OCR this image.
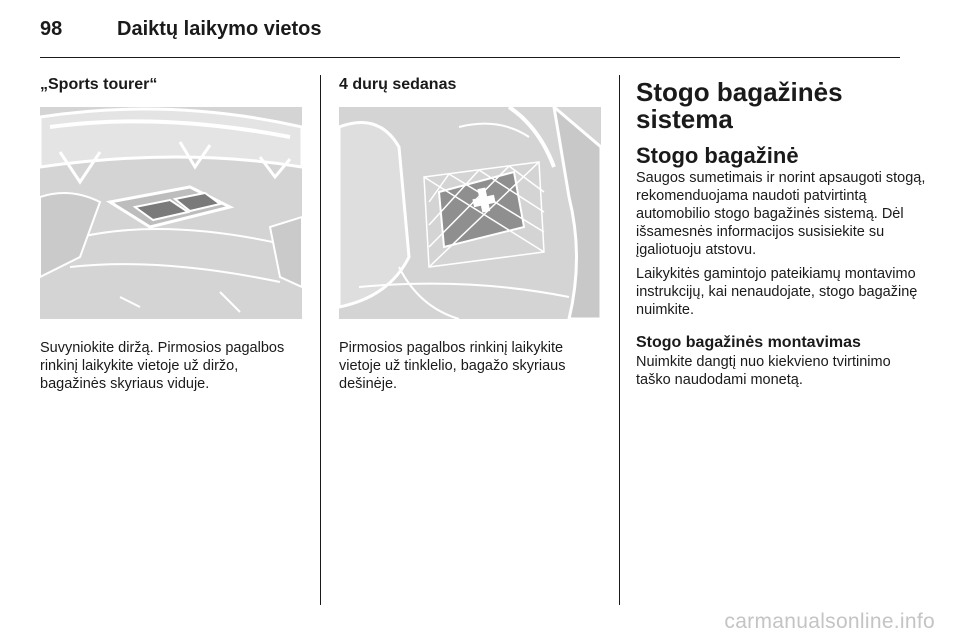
98	Daiktų laikymo vietos
„Sports tourer“

Suvyniokite diržą. Pirmosios pagalbos rinkinį laikykite vietoje už diržo, bagažinės skyriaus viduje.

4 durų sedanas

Pirmosios pagalbos rinkinį laikykite vietoje už tinklelio, bagažo skyriaus dešinėje.

Stogo bagažinės sistema
Stogo bagažinė

Saugos sumetimais ir norint apsaugoti stogą, rekomenduojama naudoti patvirtintą automobilio stogo bagažinės sistemą. Dėl išsamesnės informacijos susisiekite su įgaliotuoju atstovu.

Laikykitės gamintojo pateikiamų montavimo instrukcijų, kai nenaudojate, stogo bagažinę nuimkite.

Stogo bagažinės montavimas

Nuimkite dangtį nuo kiekvieno tvirtinimo taško naudodami monetą.

carmanualsonline.info
